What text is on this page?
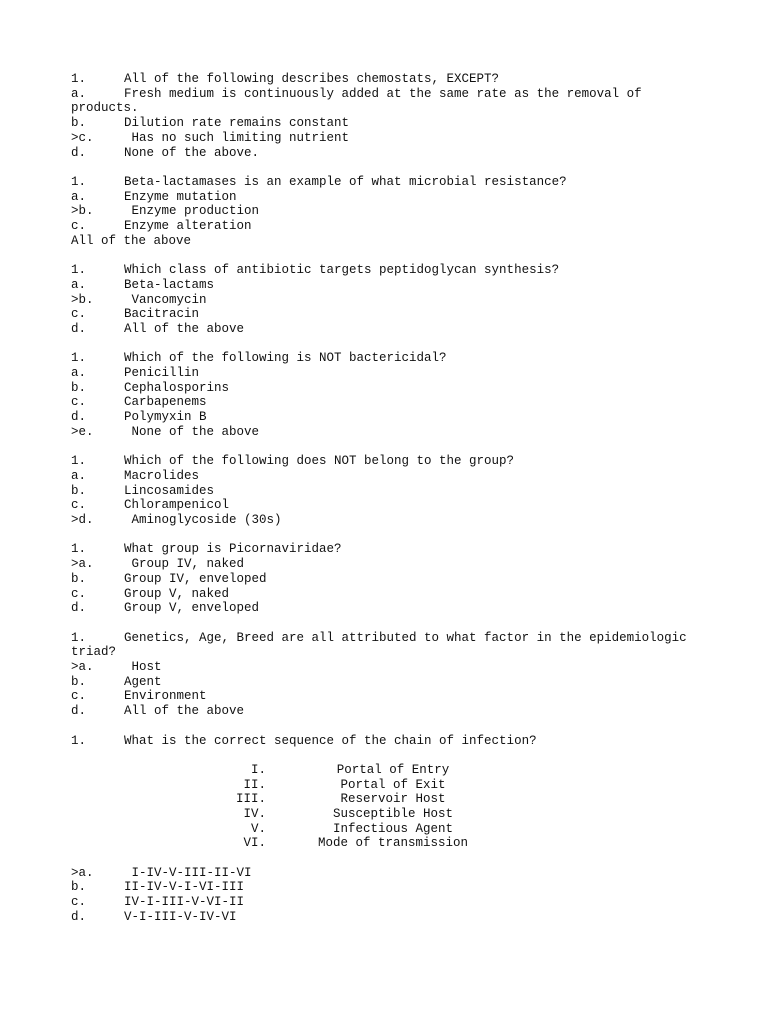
1.	All of the following describes chemostats, EXCEPT?
a.	Fresh medium is continuously added at the same rate as the removal of products.
b.	Dilution rate remains constant
>c. Has no such limiting nutrient
d.	None of the above.
1.	Beta-lactamases is an example of what microbial resistance?
a.	Enzyme mutation
>b. Enzyme production
c.	Enzyme alteration
All of the above
1.	Which class of antibiotic targets peptidoglycan synthesis?
a.	Beta-lactams
>b. Vancomycin
c.	Bacitracin
d.	All of the above
1.	Which of the following is NOT bactericidal?
a.	Penicillin
b.	Cephalosporins
c.	Carbapenems
d.	Polymyxin B
>e. None of the above
1.	Which of the following does NOT belong to the group?
a.	Macrolides
b.	Lincosamides
c.	Chlorampenicol
>d. Aminoglycoside (30s)
1.	What group is Picornaviridae?
>a. Group IV, naked
b.	Group IV, enveloped
c.	Group V, naked
d.	Group V, enveloped
1.	Genetics, Age, Breed are all attributed to what factor in the epidemiologic triad?
>a. Host
b.	Agent
c.	Environment
d.	All of the above
1.	What is the correct sequence of the chain of infection?
I.	Portal of Entry
II.	Portal of Exit
III.	Reservoir Host
IV.	Susceptible Host
V.	Infectious Agent
VI.	Mode of transmission
>a. I-IV-V-III-II-VI
b.	II-IV-V-I-VI-III
c.	IV-I-III-V-VI-II
d.	V-I-III-V-IV-VI
